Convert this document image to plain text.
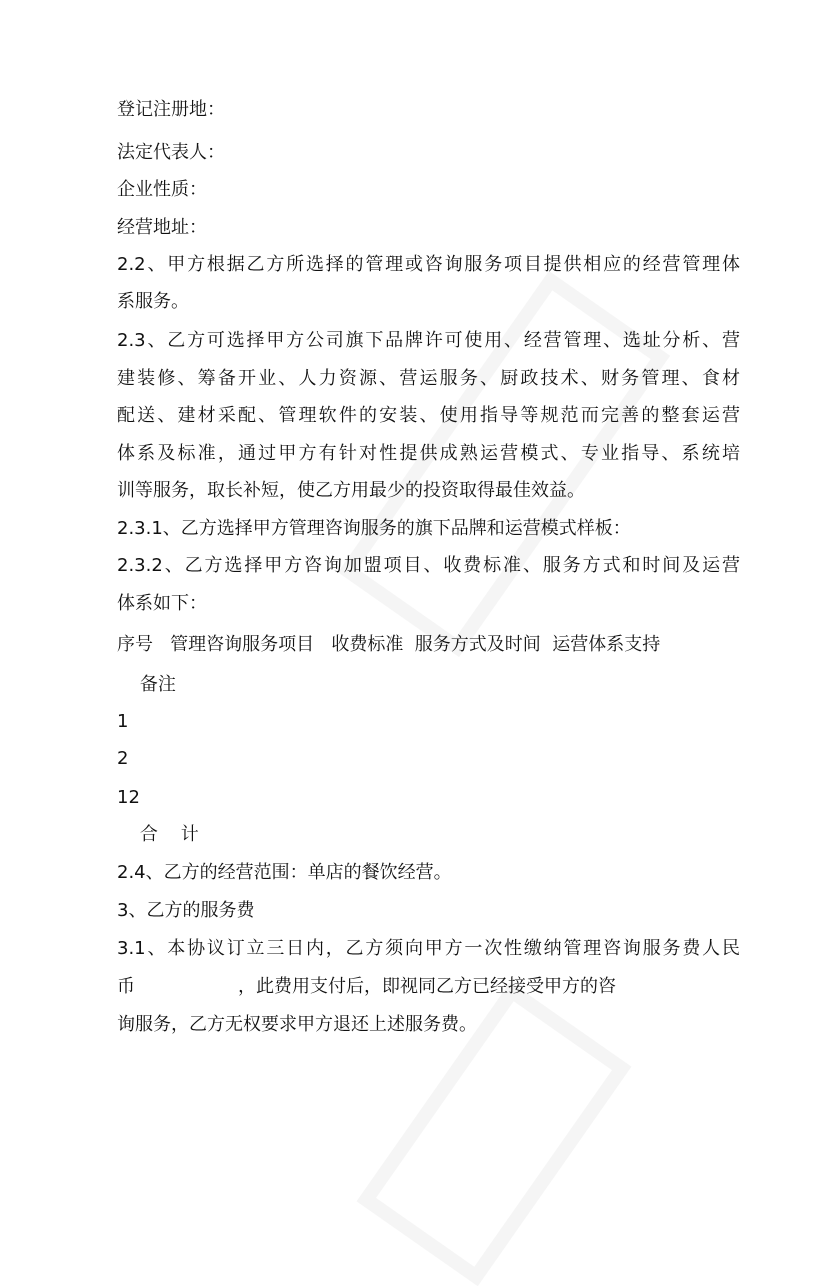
登记注册地：
法定代表人：
企业性质：
经营地址：
2.2、甲方根据乙方所选择的管理或咨询服务项目提供相应的经营管理体
系服务。
2.3、乙方可选择甲方公司旗下品牌许可使用、经营管理、选址分析、营
建装修、筹备开业、人力资源、营运服务、厨政技术、财务管理、食材
配送、建材采配、管理软件的安装、使用指导等规范而完善的整套运营
体系及标准，通过甲方有针对性提供成熟运营模式、专业指导、系统培
训等服务，取长补短，使乙方用最少的投资取得最佳效益。
2.3.1、乙方选择甲方管理咨询服务的旗下品牌和运营模式样板：
2.3.2、乙方选择甲方咨询加盟项目、收费标准、服务方式和时间及运营
体系如下：
序号   管理咨询服务项目   收费标准  服务方式及时间  运营体系支持
备注
1
2
12
合    计
2.4、乙方的经营范围：单店的餐饮经营。
3、乙方的服务费
3.1、本协议订立三日内，乙方须向甲方一次性缴纳管理咨询服务费人民
币                  ，此费用支付后，即视同乙方已经接受甲方的咨
询服务，乙方无权要求甲方退还上述服务费。
